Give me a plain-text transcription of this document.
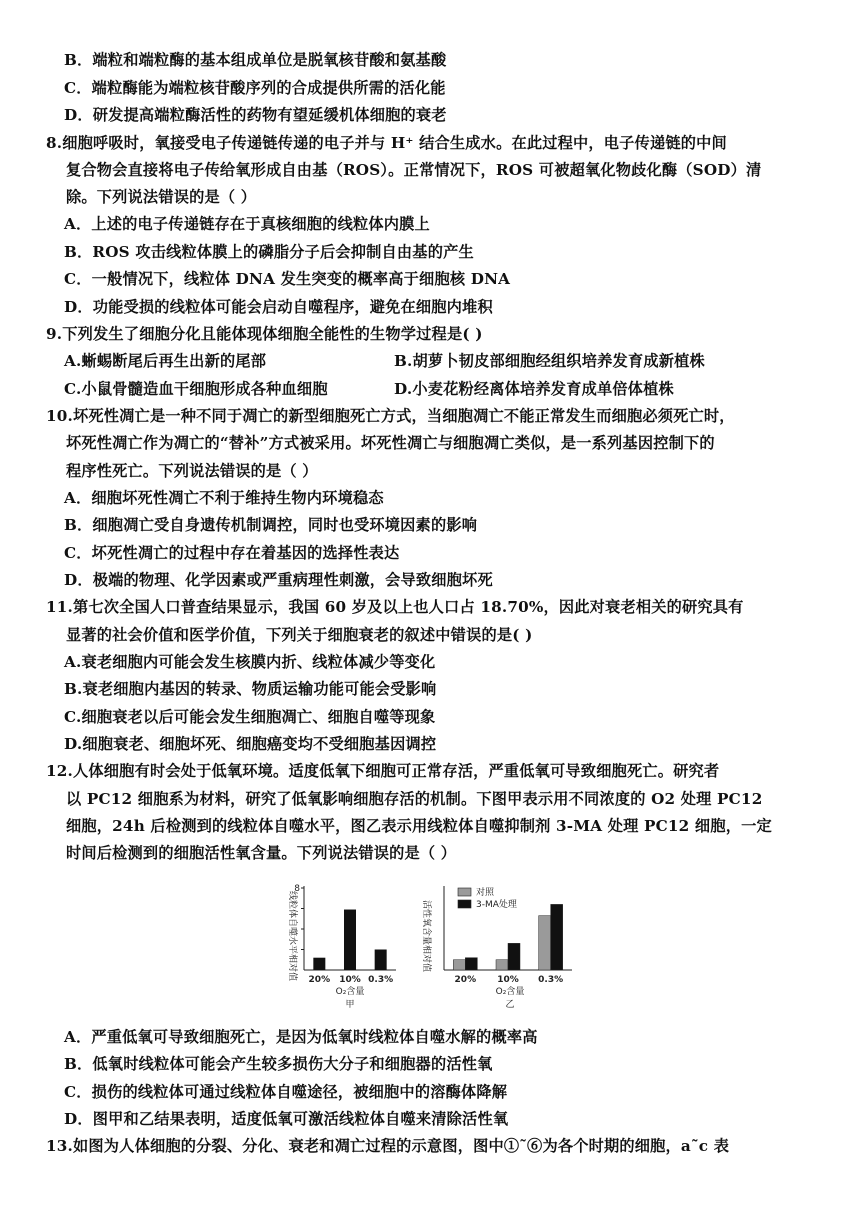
B．端粒和端粒酶的基本组成单位是脱氧核苷酸和氨基酸
C．端粒酶能为端粒核苷酸序列的合成提供所需的活化能
D．研发提高端粒酶活性的药物有望延缓机体细胞的衰老
8.细胞呼吸时，氧接受电子传递链传递的电子并与 H⁺ 结合生成水。在此过程中，电子传递链的中间
复合物会直接将电子传给氧形成自由基（ROS）。正常情况下，ROS 可被超氧化物歧化酶（SOD）清
除。下列说法错误的是（ ）
A．上述的电子传递链存在于真核细胞的线粒体内膜上
B．ROS 攻击线粒体膜上的磷脂分子后会抑制自由基的产生
C．一般情况下，线粒体 DNA 发生突变的概率高于细胞核 DNA
D．功能受损的线粒体可能会启动自噬程序，避免在细胞内堆积
9.下列发生了细胞分化且能体现体细胞全能性的生物学过程是( )
A.蜥蜴断尾后再生出新的尾部	B.胡萝卜韧皮部细胞经组织培养发育成新植株
C.小鼠骨髓造血干细胞形成各种血细胞	D.小麦花粉经离体培养发育成单倍体植株
10.坏死性凋亡是一种不同于凋亡的新型细胞死亡方式，当细胞凋亡不能正常发生而细胞必须死亡时，
坏死性凋亡作为凋亡的“替补”方式被采用。坏死性凋亡与细胞凋亡类似，是一系列基因控制下的
程序性死亡。下列说法错误的是（ ）
A．细胞坏死性凋亡不利于维持生物内环境稳态
B．细胞凋亡受自身遗传机制调控，同时也受环境因素的影响
C．坏死性凋亡的过程中存在着基因的选择性表达
D．极端的物理、化学因素或严重病理性刺激，会导致细胞坏死
11.第七次全国人口普查结果显示，我国 60 岁及以上也人口占 18.70%，因此对衰老相关的研究具有
显著的社会价值和医学价值，下列关于细胞衰老的叙述中错误的是( )
A.衰老细胞内可能会发生核膜内折、线粒体减少等变化
B.衰老细胞内基因的转录、物质运输功能可能会受影响
C.细胞衰老以后可能会发生细胞凋亡、细胞自噬等现象
D.细胞衰老、细胞坏死、细胞癌变均不受细胞基因调控
12.人体细胞有时会处于低氧环境。适度低氧下细胞可正常存活，严重低氧可导致细胞死亡。研究者
以 PC12 细胞系为材料，研究了低氧影响细胞存活的机制。下图甲表示用不同浓度的 O2 处理 PC12
细胞，24h 后检测到的线粒体自噬水平，图乙表示用线粒体自噬抑制剂 3-MA 处理 PC12 细胞，一定
时间后检测到的细胞活性氧含量。下列说法错误的是（ ）
线粒体自噬水平相对值
8
20% 10% 0.3%
O₂含量
甲
活性氧含量相对值
对照
3-MA处理
20% 10% 0.3%
O₂含量
乙
A．严重低氧可导致细胞死亡，是因为低氧时线粒体自噬水解的概率高
B．低氧时线粒体可能会产生较多损伤大分子和细胞器的活性氧
C．损伤的线粒体可通过线粒体自噬途径，被细胞中的溶酶体降解
D．图甲和乙结果表明，适度低氧可激活线粒体自噬来清除活性氧
13.如图为人体细胞的分裂、分化、衰老和凋亡过程的示意图，图中①˜⑥为各个时期的细胞，a˜c 表
